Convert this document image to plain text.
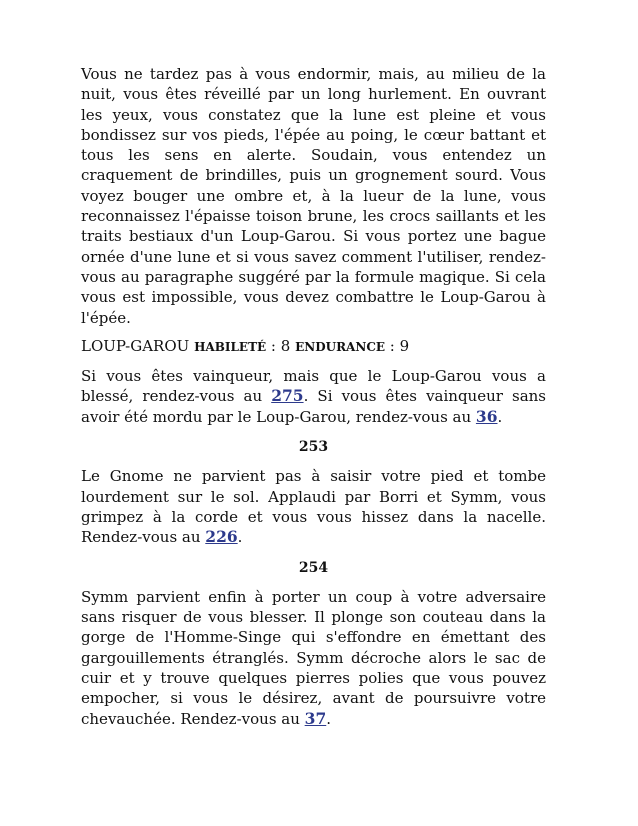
Vous ne tardez pas à vous endormir, mais, au milieu de la nuit, vous êtes réveillé par un long hurlement. En ouvrant les yeux, vous constatez que la lune est pleine et vous bondissez sur vos pieds, l'épée au poing, le cœur battant et tous les sens en alerte. Soudain, vous entendez un craquement de brindilles, puis un grognement sourd. Vous voyez bouger une ombre et, à la lueur de la lune, vous reconnaissez l'épaisse toison brune, les crocs saillants et les traits bestiaux d'un Loup-Garou. Si vous portez une bague ornée d'une lune et si vous savez comment l'utiliser, rendez-vous au paragraphe suggéré par la formule magique. Si cela vous est impossible, vous devez combattre le Loup-Garou à l'épée.

LOUP-GAROU HABILETÉ : 8 ENDURANCE : 9

Si vous êtes vainqueur, mais que le Loup-Garou vous a blessé, rendez-vous au 275. Si vous êtes vainqueur sans avoir été mordu par le Loup-Garou, rendez-vous au 36.

253

Le Gnome ne parvient pas à saisir votre pied et tombe lourdement sur le sol. Applaudi par Borri et Symm, vous grimpez à la corde et vous vous hissez dans la nacelle. Rendez-vous au 226.

254

Symm parvient enfin à porter un coup à votre adversaire sans risquer de vous blesser. Il plonge son couteau dans la gorge de l'Homme-Singe qui s'effondre en émettant des gargouillements étranglés. Symm décroche alors le sac de cuir et y trouve quelques pierres polies que vous pouvez empocher, si vous le désirez, avant de poursuivre votre chevauchée. Rendez-vous au 37.
